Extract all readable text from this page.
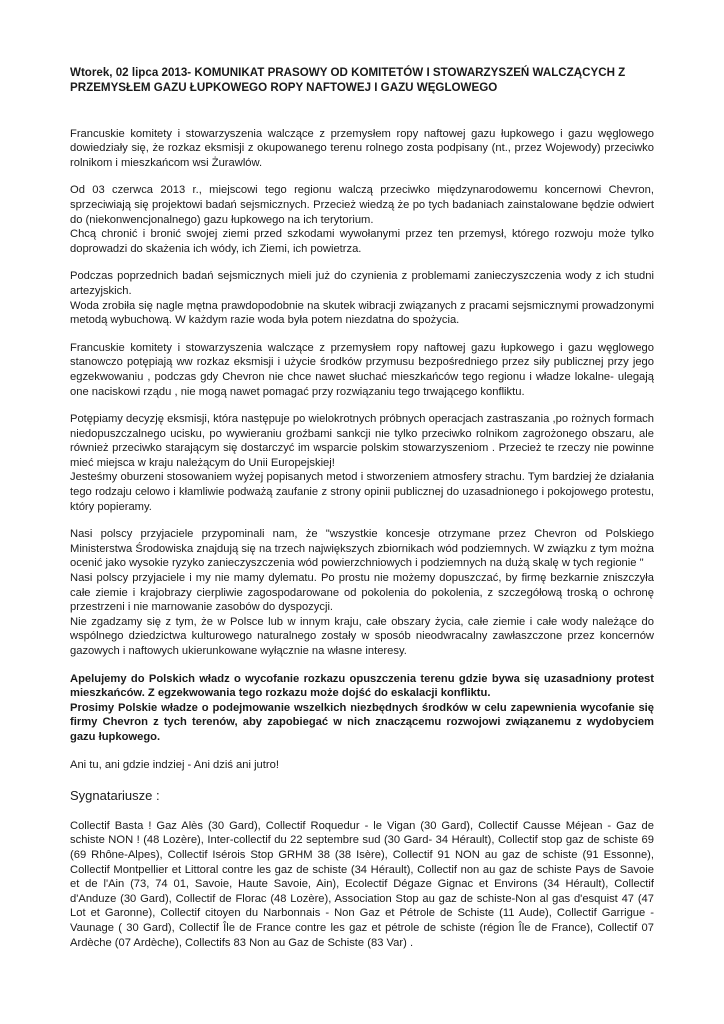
Wtorek, 02 lipca 2013- KOMUNIKAT PRASOWY OD KOMITETÓW I STOWARZYSZEŃ WALCZĄCYCH Z PRZEMYSŁEM GAZU ŁUPKOWEGO ROPY NAFTOWEJ I GAZU WĘGLOWEGO

Francuskie komitety i stowarzyszenia walczące z przemysłem ropy naftowej gazu łupkowego i gazu węglowego dowiedziały się, że rozkaz eksmisji z okupowanego terenu rolnego zosta podpisany (nt., przez Wojewody) przeciwko rolnikom i mieszkańcom wsi Żurawlów.

Od 03 czerwca 2013 r., miejscowi tego regionu walczą przeciwko międzynarodowemu koncernowi Chevron, sprzeciwiają się projektowi badań sejsmicznych. Przecież wiedzą że po tych badaniach zainstalowane będzie odwiert do (niekonwencjonalnego) gazu łupkowego na ich terytorium.

Chcą chronić i bronić swojej ziemi przed szkodami wywołanymi przez ten przemysł, którego rozwoju może tylko doprowadzi do skażenia ich wódy, ich Ziemi, ich powietrza.

Podczas poprzednich badań sejsmicznych mieli już do czynienia z problemami zanieczyszczenia wody z ich studni artezyjskich.

Woda zrobiła się nagle mętna prawdopodobnie na skutek wibracji związanych z pracami sejsmicznymi prowadzonymi metodą wybuchową. W każdym razie woda była potem niezdatna do spożycia.

Francuskie komitety i stowarzyszenia walczące z przemysłem ropy naftowej gazu łupkowego i gazu węglowego stanowczo potępiają ww rozkaz eksmisji i użycie środków przymusu bezpośredniego przez siły publicznej przy jego egzekwowaniu , podczas gdy Chevron nie chce nawet słuchać mieszkańców tego regionu i władze lokalne- ulegają one naciskowi rządu , nie mogą nawet pomagać przy rozwiązaniu tego trwającego konfliktu.

Potępiamy decyzję eksmisji, która następuje po wielokrotnych próbnych operacjach zastraszania ,po rożnych formach niedopuszczalnego ucisku, po wywieraniu groźbami sankcji nie tylko przeciwko rolnikom zagrożonego obszaru, ale również przeciwko starającym się dostarczyć im wsparcie polskim stowarzyszeniom . Przecież te rzeczy nie powinne mieć miejsca w kraju należącym do Unii Europejskiej!

Jesteśmy oburzeni stosowaniem wyżej popisanych metod i stworzeniem atmosfery strachu. Tym bardziej że działania tego rodzaju celowo i kłamliwie podważą zaufanie z strony opinii publicznej do uzasadnionego i pokojowego protestu, który popieramy.

Nasi polscy przyjaciele przypominali nam, że "wszystkie koncesje otrzymane przez Chevron od Polskiego Ministerstwa Środowiska znajdują się na trzech największych zbiornikach wód podziemnych. W związku z tym można ocenić jako wysokie ryzyko zanieczyszczenia wód powierzchniowych i podziemnych na dużą skalę w tych regionie "

Nasi polscy przyjaciele i my nie mamy dylematu. Po prostu nie możemy dopuszczać, by firmę bezkarnie zniszczyła całe ziemie i krajobrazy cierpliwie zagospodarowane od pokolenia do pokolenia, z szczegółową troską o ochronę przestrzeni i nie marnowanie zasobów do dyspozycji.

Nie zgadzamy się z tym, że w Polsce lub w innym kraju, całe obszary życia, całe ziemie i całe wody należące do wspólnego dziedzictwa kulturowego naturalnego zostały w sposób nieodwracalny zawłaszczone przez koncernów gazowych i naftowych ukierunkowane wyłącznie na własne interesy.

Apelujemy do Polskich władz o wycofanie rozkazu opuszczenia terenu gdzie bywa się uzasadniony protest mieszkańców. Z egzekwowania tego rozkazu może dojść do eskalacji konfliktu.

Prosimy Polskie władze o podejmowanie wszelkich niezbędnych środków w celu zapewnienia wycofanie się firmy Chevron z tych terenów, aby zapobiegać w nich znaczącemu rozwojowi związanemu z wydobyciem gazu łupkowego.

Ani tu, ani gdzie indziej - Ani dziś ani jutro!

Sygnatariusze :

Collectif Basta ! Gaz Alès (30 Gard), Collectif Roquedur - le Vigan (30 Gard), Collectif Causse Méjean - Gaz de schiste NON ! (48 Lozère), Inter-collectif du 22 septembre sud (30 Gard- 34 Hérault), Collectif stop gaz de schiste 69 (69 Rhône-Alpes), Collectif Isérois Stop GRHM 38 (38 Isère), Collectif 91 NON au gaz de schiste (91 Essonne), Collectif Montpellier et Littoral contre les gaz de schiste (34 Hérault), Collectif non au gaz de schiste Pays de Savoie et de l'Ain (73, 74 01, Savoie, Haute Savoie, Ain), Ecolectif Dégaze Gignac et Environs (34 Hérault), Collectif d'Anduze (30 Gard), Collectif de Florac (48 Lozère), Association Stop au gaz de schiste-Non al gas d'esquist 47 (47 Lot et Garonne), Collectif citoyen du Narbonnais - Non Gaz et Pétrole de Schiste (11 Aude), Collectif Garrigue - Vaunage ( 30 Gard), Collectif Île de France contre les gaz et pétrole de schiste (région Île de France), Collectif 07 Ardèche (07 Ardèche), Collectifs 83 Non au Gaz de Schiste (83 Var) .
